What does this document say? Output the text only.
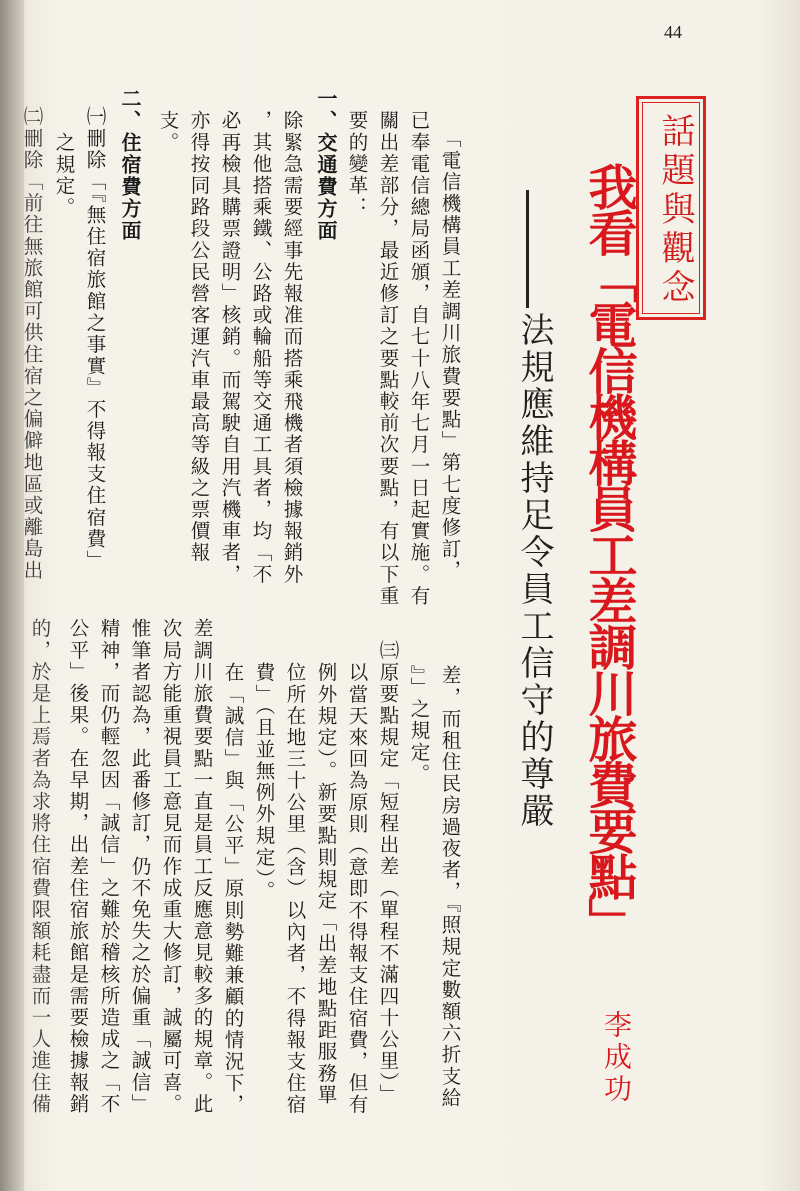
44
話題與觀念
我看「電信機構員工差調川旅費要點」
法規應維持足令員工信守的尊嚴
李成功
「電信機構員工差調川旅費要點」第七度修訂，
已奉電信總局函頒，自七十八年七月一日起實施。有
關出差部分，最近修訂之要點較前次要點，有以下重
要的變革：
一、交通費方面
除緊急需要經事先報准而搭乘飛機者須檢據報銷外
，其他搭乘鐵、公路或輪船等交通工具者，均「不
必再檢具購票證明」核銷。而駕駛自用汽機車者，
亦得按同路段公民營客運汽車最高等級之票價報
支。
二、住宿費方面
㈠刪除「『無住宿旅館之事實』不得報支住宿費」
之規定。
㈡刪除「前往無旅館可供住宿之偏僻地區或離島出
差，而租住民房過夜者，『照規定數額六折支給
』」之規定。
㈢原要點規定「短程出差（單程不滿四十公里）」
以當天來回為原則（意即不得報支住宿費，但有
例外規定）。新要點則規定「出差地點距服務單
位所在地三十公里（含）以內者，不得報支住宿
費」（且並無例外規定）。
在「誠信」與「公平」原則勢難兼顧的情況下，
差調川旅費要點一直是員工反應意見較多的規章。此
次局方能重視員工意見而作成重大修訂，誠屬可喜。
惟筆者認為，此番修訂，仍不免失之於偏重「誠信」
精神，而仍輕忽因「誠信」之難於稽核所造成之「不
公平」後果。在早期，出差住宿旅館是需要檢據報銷
的，於是上焉者為求將住宿費限額耗盡而一人進住備
